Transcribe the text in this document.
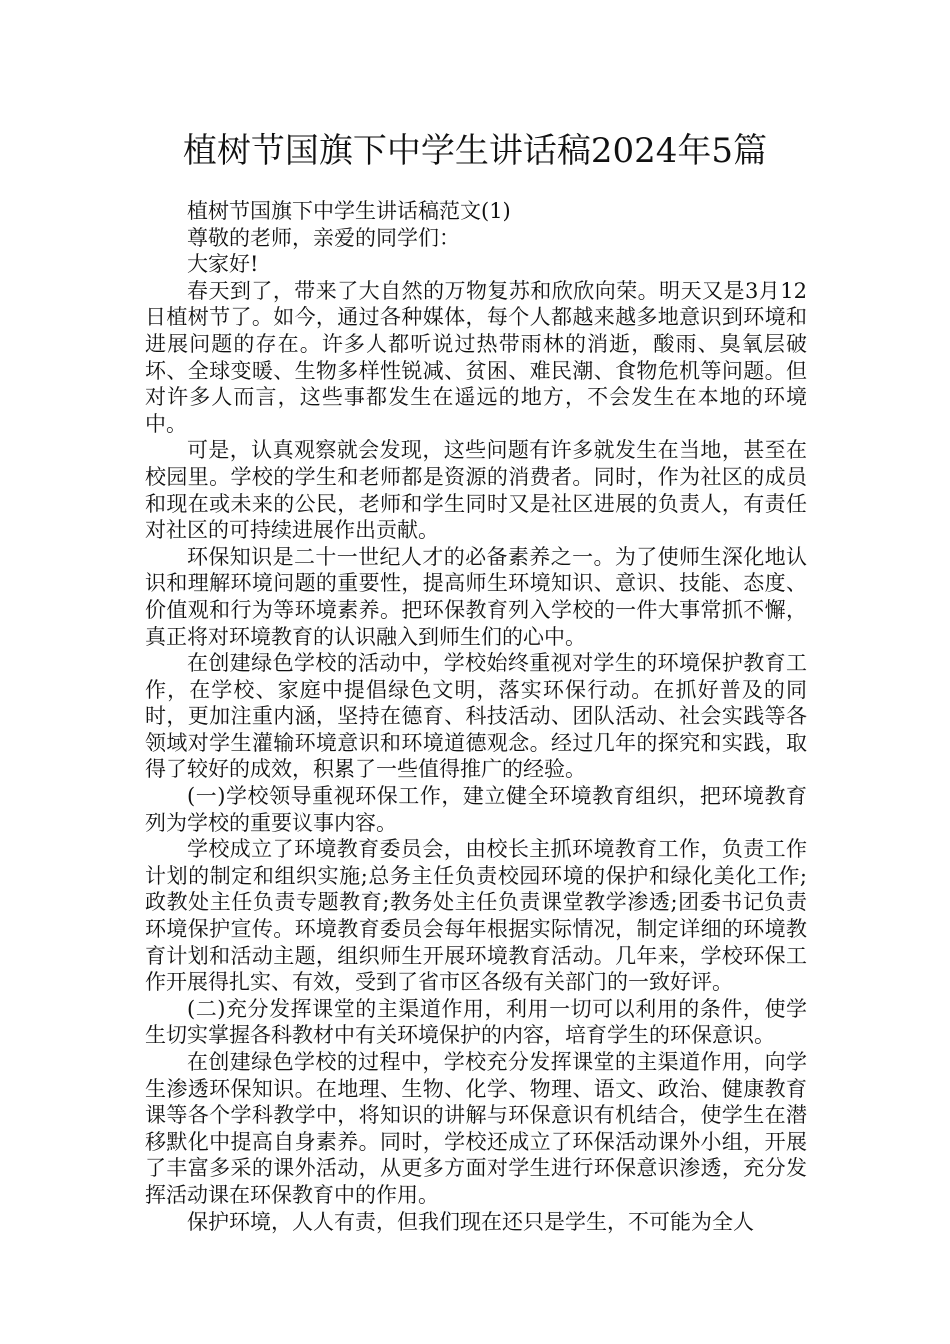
植树节国旗下中学生讲话稿2024年5篇

植树节国旗下中学生讲话稿范文(1)

尊敬的老师，亲爱的同学们：

大家好!

春天到了，带来了大自然的万物复苏和欣欣向荣。明天又是3月12日植树节了。如今，通过各种媒体，每个人都越来越多地意识到环境和进展问题的存在。许多人都听说过热带雨林的消逝，酸雨、臭氧层破坏、全球变暖、生物多样性锐减、贫困、难民潮、食物危机等问题。但对许多人而言，这些事都发生在遥远的地方，不会发生在本地的环境中。

可是，认真观察就会发现，这些问题有许多就发生在当地，甚至在校园里。学校的学生和老师都是资源的消费者。同时，作为社区的成员和现在或未来的公民，老师和学生同时又是社区进展的负责人，有责任对社区的可持续进展作出贡献。

环保知识是二十一世纪人才的必备素养之一。为了使师生深化地认识和理解环境问题的重要性，提高师生环境知识、意识、技能、态度、价值观和行为等环境素养。把环保教育列入学校的一件大事常抓不懈，真正将对环境教育的认识融入到师生们的心中。

在创建绿色学校的活动中，学校始终重视对学生的环境保护教育工作，在学校、家庭中提倡绿色文明，落实环保行动。在抓好普及的同时，更加注重内涵，坚持在德育、科技活动、团队活动、社会实践等各领域对学生灌输环境意识和环境道德观念。经过几年的探究和实践，取得了较好的成效，积累了一些值得推广的经验。

(一)学校领导重视环保工作，建立健全环境教育组织，把环境教育列为学校的重要议事内容。

学校成立了环境教育委员会，由校长主抓环境教育工作，负责工作计划的制定和组织实施;总务主任负责校园环境的保护和绿化美化工作;政教处主任负责专题教育;教务处主任负责课堂教学渗透;团委书记负责环境保护宣传。环境教育委员会每年根据实际情况，制定详细的环境教育计划和活动主题，组织师生开展环境教育活动。几年来，学校环保工作开展得扎实、有效，受到了省市区各级有关部门的一致好评。

(二)充分发挥课堂的主渠道作用，利用一切可以利用的条件，使学生切实掌握各科教材中有关环境保护的内容，培育学生的环保意识。

在创建绿色学校的过程中，学校充分发挥课堂的主渠道作用，向学生渗透环保知识。在地理、生物、化学、物理、语文、政治、健康教育课等各个学科教学中，将知识的讲解与环保意识有机结合，使学生在潜移默化中提高自身素养。同时，学校还成立了环保活动课外小组，开展了丰富多采的课外活动，从更多方面对学生进行环保意识渗透，充分发挥活动课在环保教育中的作用。

保护环境，人人有责，但我们现在还只是学生，不可能为全人
